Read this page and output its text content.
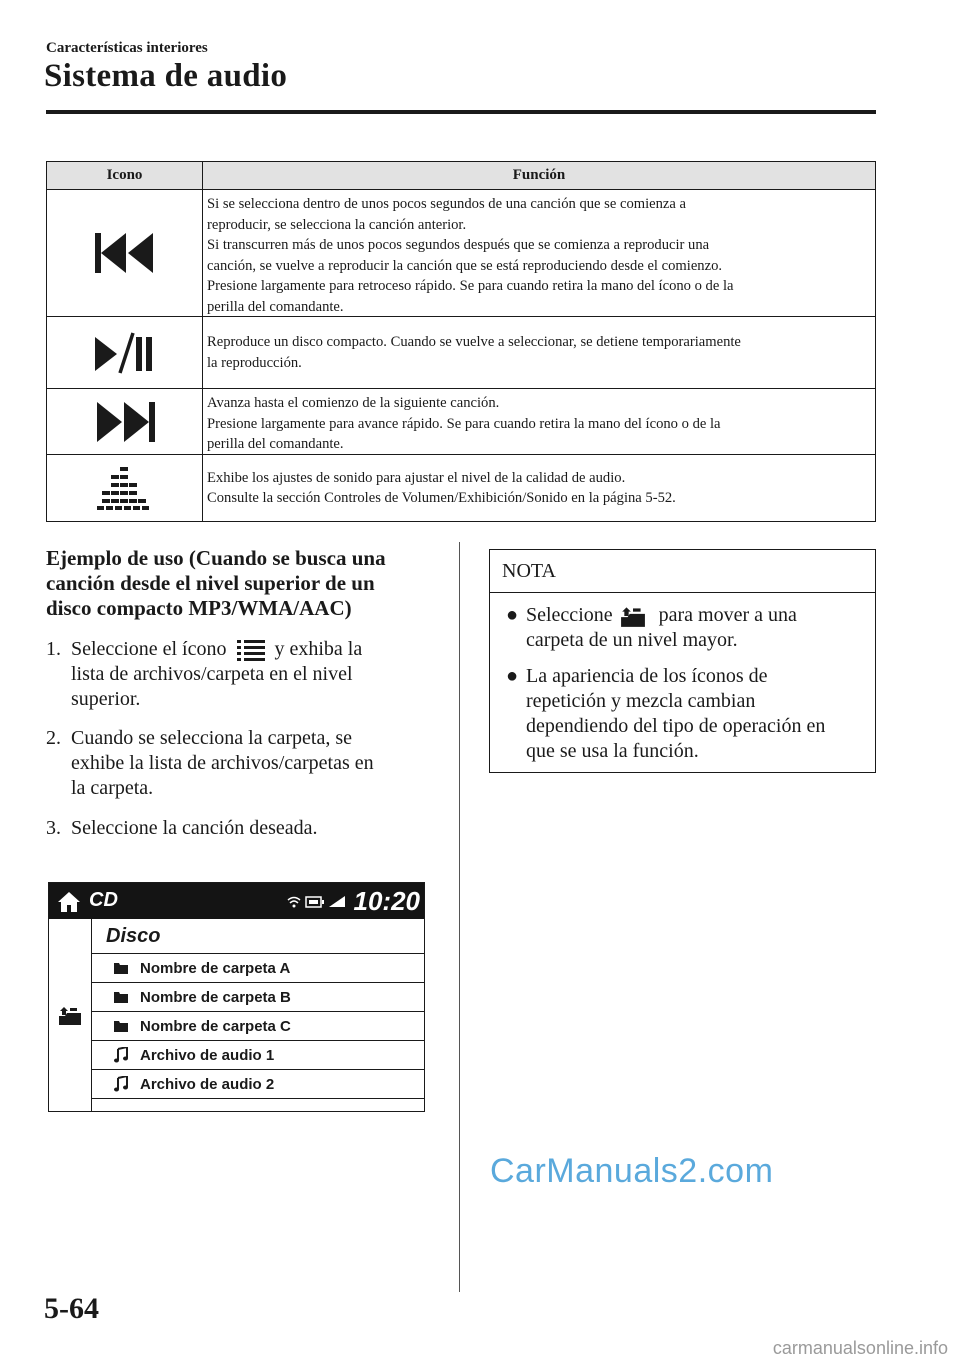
Características interiores
Sistema de audio
Icono	Función
Si se selecciona dentro de unos pocos segundos de una canción que se comienza a
reproducir, se selecciona la canción anterior.
Si transcurren más de unos pocos segundos después que se comienza a reproducir una
canción, se vuelve a reproducir la canción que se está reproduciendo desde el comienzo.
Presione largamente para retroceso rápido. Se para cuando retira la mano del ícono o de la
perilla del comandante.
Reproduce un disco compacto. Cuando se vuelve a seleccionar, se detiene temporariamente
la reproducción.
Avanza hasta el comienzo de la siguiente canción.
Presione largamente para avance rápido. Se para cuando retira la mano del ícono o de la
perilla del comandante.
Exhibe los ajustes de sonido para ajustar el nivel de la calidad de audio.
Consulte la sección Controles de Volumen/Exhibición/Sonido en la página 5-52.
Ejemplo de uso (Cuando se busca una
canción desde el nivel superior de un
disco compacto MP3/WMA/AAC)
1. Seleccione el ícono y exhiba la
lista de archivos/carpeta en el nivel
superior.
2. Cuando se selecciona la carpeta, se
exhibe la lista de archivos/carpetas en
la carpeta.
3. Seleccione la canción deseada.
CD	10:20
Disco
Nombre de carpeta A
Nombre de carpeta B
Nombre de carpeta C
Archivo de audio 1
Archivo de audio 2
NOTA
● Seleccione para mover a una
carpeta de un nivel mayor.
● La apariencia de los íconos de
repetición y mezcla cambian
dependiendo del tipo de operación en
que se usa la función.
CarManuals2.com
5-64
carmanualsonline.info
